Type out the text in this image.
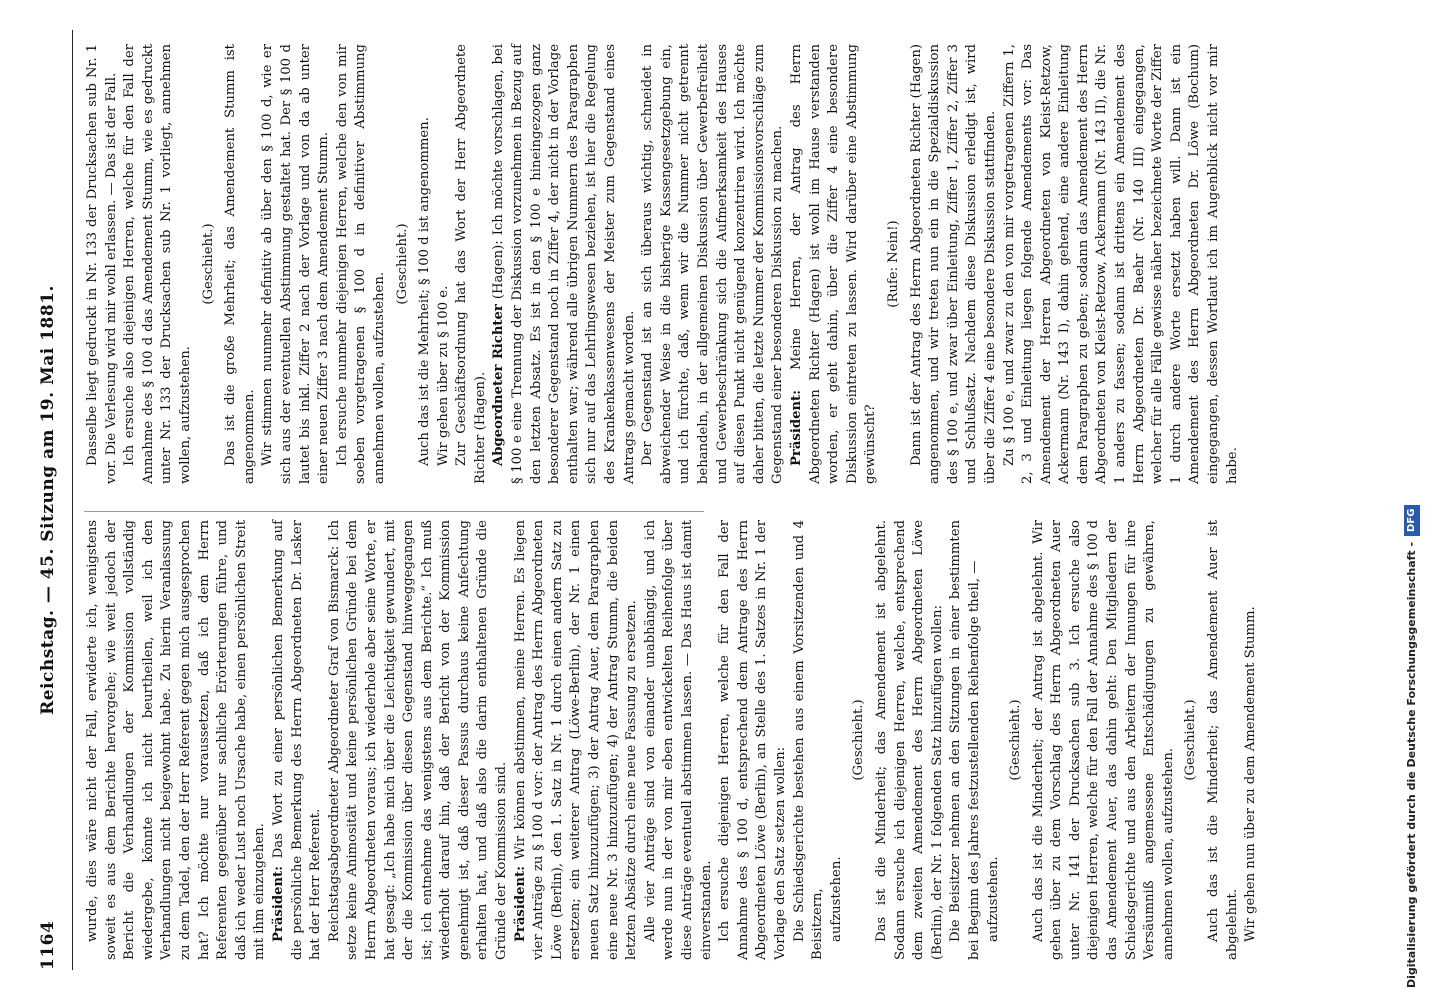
1164
Reichstag. — 45. Sitzung am 19. Mai 1881.

wurde, dies wäre nicht der Fall, erwiderte ich, wenigstens soweit es aus dem Berichte hervorgehe; wie weit jedoch der Bericht die Verhandlungen der Kommission vollständig wiedergebe, könnte ich nicht beurtheilen, weil ich den Verhandlungen nicht beigewohnt habe. Zu hierin Veranlassung zu dem Tadel, den der Herr Referent gegen mich ausgesprochen hat? Ich möchte nur voraussetzen, daß ich dem Herrn Referenten gegenüber nur sachliche Erörterungen führe, und daß ich weder Lust noch Ursache habe, einen persönlichen Streit mit ihm einzugehen. Präsident: Das Wort zu einer persönlichen Bemerkung auf die persönliche Bemerkung des Herrn Abgeordneten Dr. Lasker hat der Herr Referent. Reichstagsabgeordneter Abgeordneter Graf von Bismarck: Ich setze keine Animosität und keine persönlichen Gründe bei dem Herrn Abgeordneten voraus; ich wiederhole aber seine Worte, er hat gesagt: „Ich habe mich über die Leichtigkeit gewundert, mit der die Kommission über diesen Gegenstand hinweggegangen ist; ich entnehme das wenigstens aus dem Berichte.“ Ich muß wiederholt darauf hin, daß der Bericht von der Kommission genehmigt ist, daß dieser Passus durchaus keine Anfechtung erhalten hat, und daß also die darin enthaltenen Gründe die Gründe der Kommission sind. Präsident: Wir können abstimmen, meine Herren. Es liegen vier Anträge zu § 100 d vor: der Antrag des Herrn Abgeordneten Löwe (Berlin), den 1. Satz in Nr. 1 durch einen andern Satz zu ersetzen; ein weiterer Antrag (Löwe-Berlin), der Nr. 1 einen neuen Satz hinzuzufügen; 3) der Antrag Auer, dem Paragraphen eine neue Nr. 3 hinzuzufügen; 4) der Antrag Stumm, die beiden letzten Absätze durch eine neue Fassung zu ersetzen. Alle vier Anträge sind von einander unabhängig, und ich werde nun in der von mir eben entwickelten Reihenfolge über diese Anträge eventuell abstimmen lassen. — Das Haus ist damit einverstanden. Ich ersuche diejenigen Herren, welche für den Fall der Annahme des § 100 d, entsprechend dem Antrage des Herrn Abgeordneten Löwe (Berlin), an Stelle des 1. Satzes in Nr. 1 der Vorlage den Satz setzen wollen: Die Schiedsgerichte bestehen aus einem Vorsitzenden und 4 Beisitzern, aufzustehen.

(Geschieht.) Das ist die Minderheit; das Amendement ist abgelehnt. Sodann ersuche ich diejenigen Herren, welche, entsprechend dem zweiten Amendement des Herrn Abgeordneten Löwe (Berlin), der Nr. 1 folgenden Satz hinzufügen wollen: Die Beisitzer nehmen an den Sitzungen in einer bestimmten bei Beginn des Jahres festzustellenden Reihenfolge theil, — aufzustehen.

(Geschieht.) Auch das ist die Minderheit; der Antrag ist abgelehnt. Wir gehen über zu dem Vorschlag des Herrn Abgeordneten Auer unter Nr. 141 der Drucksachen sub 3. Ich ersuche also diejenigen Herren, welche für den Fall der Annahme des § 100 d das Amendement Auer, das dahin geht: Den Mitgliedern der Schiedsgerichte und aus den Arbeitern der Innungen für ihre Versäumniß angemessene Entschädigungen zu gewähren, annehmen wollen, aufzustehen.

(Geschieht.) Auch das ist die Minderheit; das Amendement Auer ist abgelehnt. Wir gehen nun über zu dem Amendement Stumm.

Dasselbe liegt gedruckt in Nr. 133 der Drucksachen sub Nr. 1 vor. Die Verlesung wird mir wohl erlassen. — Das ist der Fall. Ich ersuche also diejenigen Herren, welche für den Fall der Annahme des § 100 d das Amendement Stumm, wie es gedruckt unter Nr. 133 der Drucksachen sub Nr. 1 vorliegt, annehmen wollen, aufzustehen.

(Geschieht.) Das ist die große Mehrheit; das Amendement Stumm ist angenommen. Wir stimmen nunmehr definitiv ab über den § 100 d, wie er sich aus der eventuellen Abstimmung gestaltet hat. Der § 100 d lautet bis inkl. Ziffer 2 nach der Vorlage und von da ab unter einer neuen Ziffer 3 nach dem Amendement Stumm. Ich ersuche nunmehr diejenigen Herren, welche den von mir soeben vorgetragenen § 100 d in definitiver Abstimmung annehmen wollen, aufzustehen.

(Geschieht.) Auch das ist die Mehrheit; § 100 d ist angenommen. Wir gehen über zu § 100 e. Zur Geschäftsordnung hat das Wort der Herr Abgeordnete Richter (Hagen). Abgeordneter Richter (Hagen): Ich möchte vorschlagen, bei § 100 e eine Trennung der Diskussion vorzunehmen in Bezug auf den letzten Absatz. Es ist in den § 100 e hineingezogen ganz besonderer Gegenstand noch in Ziffer 4, der nicht in der Vorlage enthalten war; während alle übrigen Nummern des Paragraphen sich nur auf das Lehrlingswesen beziehen, ist hier die Regelung des Krankenkassenwesens der Meister zum Gegenstand eines Antrags gemacht worden. Der Gegenstand ist an sich überaus wichtig, schneidet in abweichender Weise in die bisherige Kassengesetzgebung ein, und ich fürchte, daß, wenn wir die Nummer nicht getrennt behandeln, in der allgemeinen Diskussion über Gewerbefreiheit und Gewerbeschränkung sich die Aufmerksamkeit des Hauses auf diesen Punkt nicht genügend konzentriren wird. Ich möchte daher bitten, die letzte Nummer der Kommissionsvorschläge zum Gegenstand einer besonderen Diskussion zu machen. Präsident: Meine Herren, der Antrag des Herrn Abgeordneten Richter (Hagen) ist wohl im Hause verstanden worden, er geht dahin, über die Ziffer 4 eine besondere Diskussion eintreten zu lassen. Wird darüber eine Abstimmung gewünscht?

(Rufe: Nein!) Dann ist der Antrag des Herrn Abgeordneten Richter (Hagen) angenommen, und wir treten nun ein in die Spezialdiskussion des § 100 e, und zwar über Einleitung, Ziffer 1, Ziffer 2, Ziffer 3 und Schlußsatz. Nachdem diese Diskussion erledigt ist, wird über die Ziffer 4 eine besondere Diskussion stattfinden. Zu § 100 e, und zwar zu den von mir vorgetragenen Ziffern 1, 2, 3 und Einleitung liegen folgende Amendements vor: Das Amendement der Herren Abgeordneten von Kleist-Retzow, Ackermann (Nr. 143 I), dahin gehend, eine andere Einleitung dem Paragraphen zu geben; sodann das Amendement des Herrn Abgeordneten von Kleist-Retzow, Ackermann (Nr. 143 II), die Nr. 1 anders zu fassen; sodann ist drittens ein Amendement des Herrn Abgeordneten Dr. Baehr (Nr. 140 III) eingegangen, welcher für alle Fälle gewisse näher bezeichnete Worte der Ziffer 1 durch andere Worte ersetzt haben will. Dann ist ein Amendement des Herrn Abgeordneten Dr. Löwe (Bochum) eingegangen, dessen Wortlaut ich im Augenblick nicht vor mir habe.

Digitalisierung gefördert durch die Deutsche Forschungsgemeinschaft -DFG
